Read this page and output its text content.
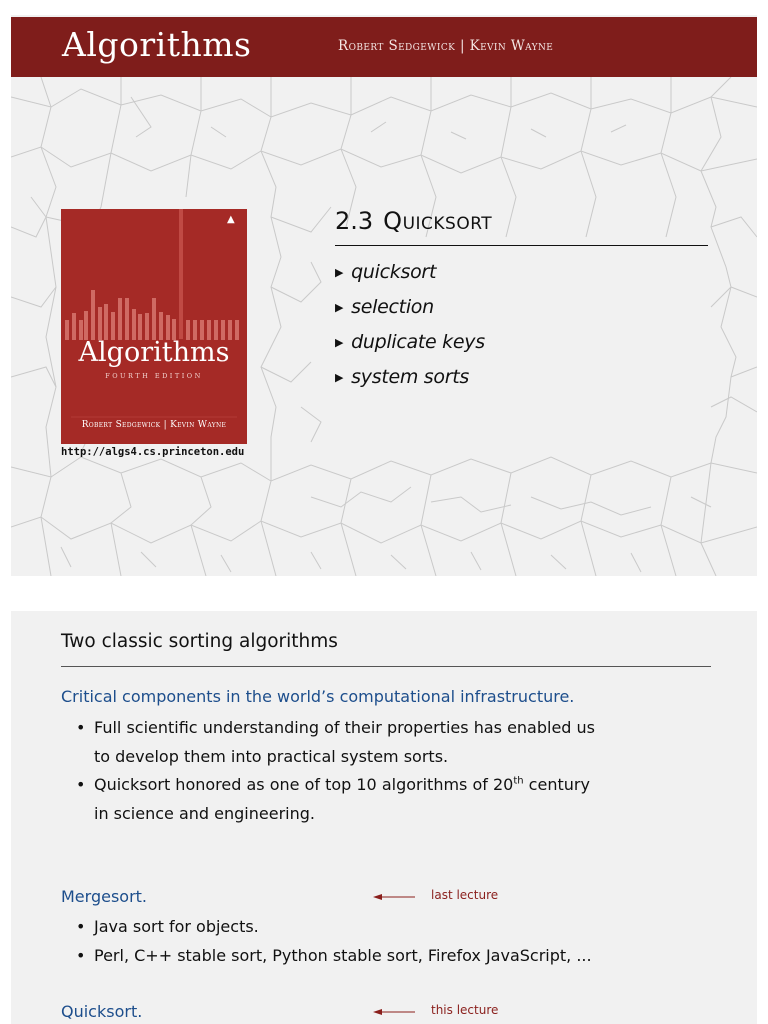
Algorithms	Robert Sedgewick | Kevin Wayne
▲
Algorithms
FOURTH EDITION
Robert Sedgewick | Kevin Wayne
http://algs4.cs.princeton.edu
2.3 Quicksort
▶ quicksort
▶ selection
▶ duplicate keys
▶ system sorts
Two classic sorting algorithms
Critical components in the world’s computational infrastructure.
• Full scientific understanding of their properties has enabled us
to develop them into practical system sorts.
• Quicksort honored as one of top 10 algorithms of 20th century
in science and engineering.
Mergesort.	last lecture
• Java sort for objects.
• Perl, C++ stable sort, Python stable sort, Firefox JavaScript, ...
Quicksort.	this lecture
